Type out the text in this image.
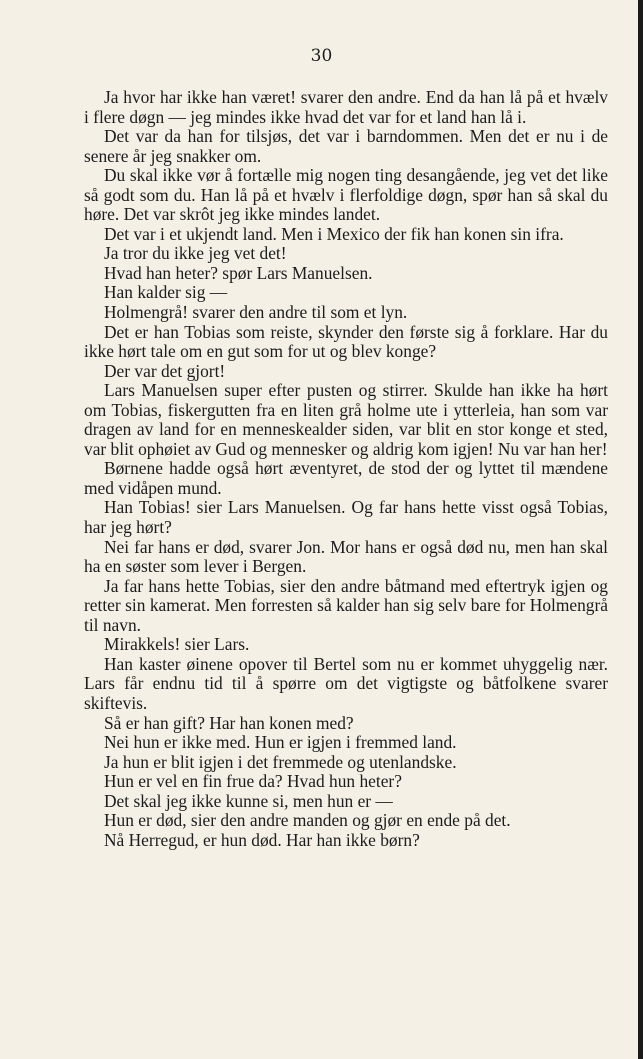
30

Ja hvor har ikke han været! svarer den andre. End da han lå på et hvælv i flere døgn — jeg mindes ikke hvad det var for et land han lå i.

Det var da han for tilsjøs, det var i barndommen. Men det er nu i de senere år jeg snakker om.

Du skal ikke vør å fortælle mig nogen ting desangående, jeg vet det like så godt som du. Han lå på et hvælv i flerfoldige døgn, spør han så skal du høre. Det var skrôt jeg ikke mindes landet.

Det var i et ukjendt land. Men i Mexico der fik han konen sin ifra.

Ja tror du ikke jeg vet det!

Hvad han heter? spør Lars Manuelsen.

Han kalder sig —

Holmengrå! svarer den andre til som et lyn.

Det er han Tobias som reiste, skynder den første sig å forklare. Har du ikke hørt tale om en gut som for ut og blev konge?

Der var det gjort!

Lars Manuelsen super efter pusten og stirrer. Skulde han ikke ha hørt om Tobias, fiskergutten fra en liten grå holme ute i ytterleia, han som var dragen av land for en menneskealder siden, var blit en stor konge et sted, var blit ophøiet av Gud og mennesker og aldrig kom igjen! Nu var han her!

Børnene hadde også hørt æventyret, de stod der og lyttet til mændene med vidåpen mund.

Han Tobias! sier Lars Manuelsen. Og far hans hette visst også Tobias, har jeg hørt?

Nei far hans er død, svarer Jon. Mor hans er også død nu, men han skal ha en søster som lever i Bergen.

Ja far hans hette Tobias, sier den andre båtmand med eftertryk igjen og retter sin kamerat. Men forresten så kalder han sig selv bare for Holmengrå til navn.

Mirakkels! sier Lars.

Han kaster øinene opover til Bertel som nu er kommet uhyggelig nær. Lars får endnu tid til å spørre om det vigtigste og båtfolkene svarer skiftevis.

Så er han gift? Har han konen med?

Nei hun er ikke med. Hun er igjen i fremmed land.

Ja hun er blit igjen i det fremmede og utenlandske.

Hun er vel en fin frue da? Hvad hun heter?

Det skal jeg ikke kunne si, men hun er —

Hun er død, sier den andre manden og gjør en ende på det.

Nå Herregud, er hun død. Har han ikke børn?
